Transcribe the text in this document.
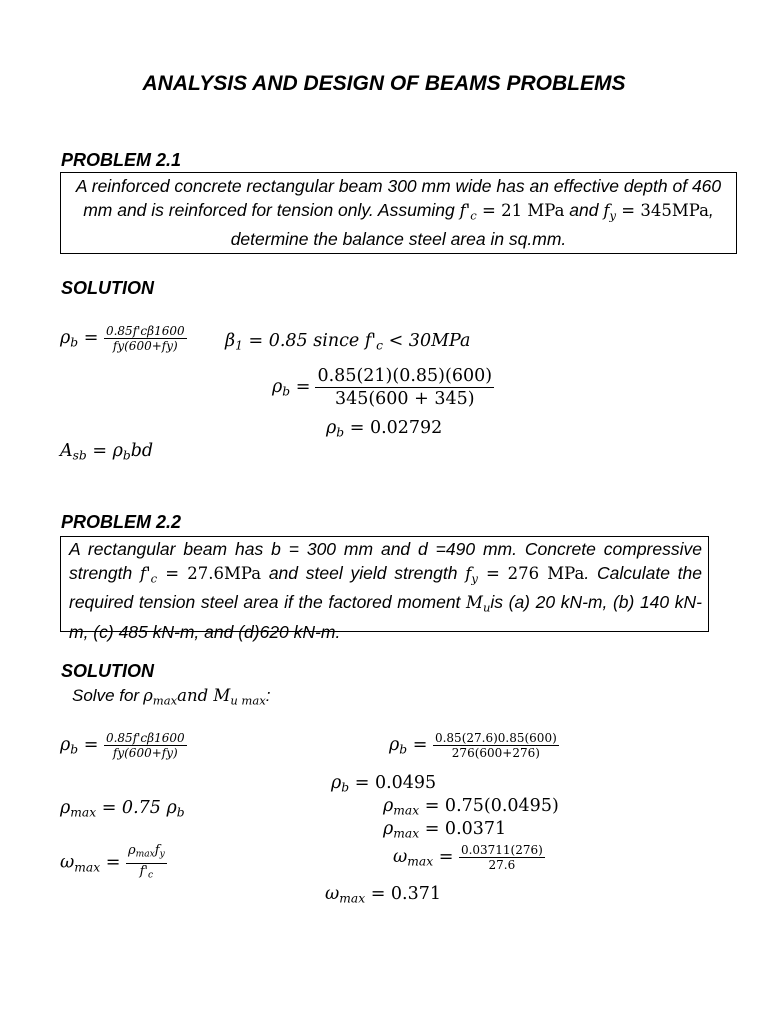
ANALYSIS AND DESIGN OF BEAMS PROBLEMS
PROBLEM 2.1
A reinforced concrete rectangular beam 300 mm wide has an effective depth of 460 mm and is reinforced for tension only. Assuming $f'_c = 21$ MPa and $f_y = 345MPa$, determine the balance steel area in sq.mm.
SOLUTION
$\rho_b = \frac{0.85f'c\beta 1600}{fy(600+fy)} \beta_1 = 0.85$ since $f'_c < 30MPa$
$\rho_b = \frac{0.85(21)(0.85)(600)}{345(600 + 345)}$
$\rho_b = 0.02792$
$A_{sb} = \rho_bbd$
PROBLEM 2.2
A rectangular beam has b = 300 mm and d =490 mm. Concrete compressive strength $f'_c = 27.6MPa$ and steel yield strength $f_y = 276$ MPa. Calculate the required tension steel area if the factored moment $M_uis$ (a) 20 kN-m, (b) 140 kN-m, (c) 485 kN-m, and (d)620 kN-m.
SOLUTION
Solve for $\rho_{max}and$ $M_{u max}$:
$\rho_b = \frac{0.85f'c\beta 1600}{fy(600+fy)}$
$\rho_{max} = 0.75$ $\rho_b$
$\omega_{max} = \frac{\rho_{max}f_y}{f'_c}$
$\rho_b = \frac{0.85(27.6)0.85(600)}{276(600+276)}$
$\rho_b = 0.0495$
$\rho_{max} = 0.75(0.0495)$
$\rho_{max} = 0.0371$
$\omega_{max} = \frac{0.03711(276)}{27.6}$
$\omega_{max} = 0.371$
